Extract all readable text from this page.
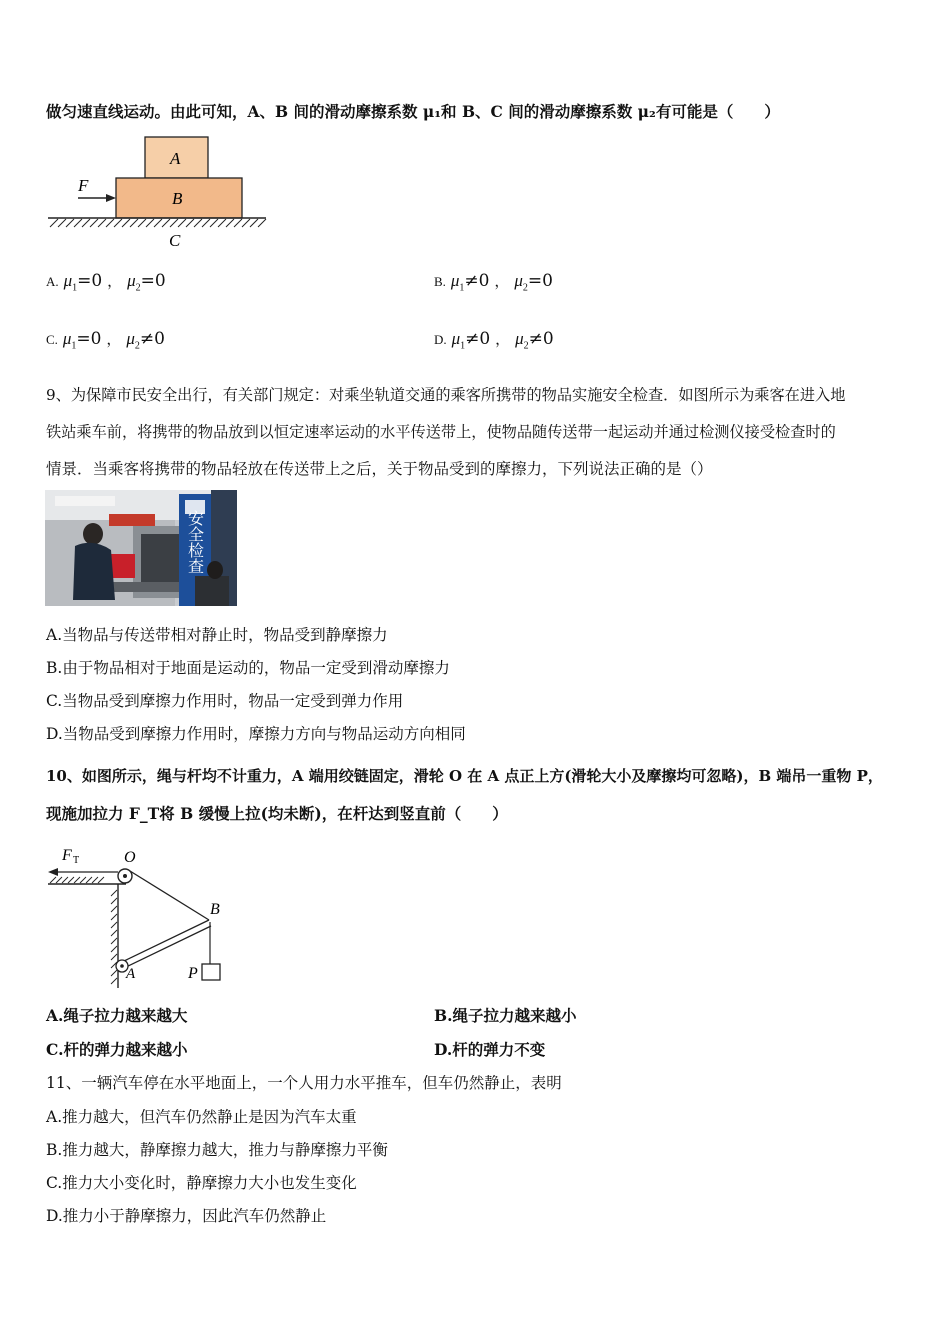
做匀速直线运动。由此可知，A、B 间的滑动摩擦系数 μ₁和 B、C 间的滑动摩擦系数 μ₂有可能是（　　）
A
B
F
C
A. $\mu_1=0$ ， $\mu_2=0$	B. $\mu_1\ne 0$ ， $\mu_2=0$
C. $\mu_1=0$ ， $\mu_2\ne 0$	D. $\mu_1\ne 0$ ， $\mu_2\ne 0$
9、为保障市民安全出行，有关部门规定：对乘坐轨道交通的乘客所携带的物品实施安全检查．如图所示为乘客在进入地
铁站乘车前，将携带的物品放到以恒定速率运动的水平传送带上，使物品随传送带一起运动并通过检测仪接受检查时的
情景．当乘客将携带的物品轻放在传送带上之后，关于物品受到的摩擦力，下列说法正确的是（）
安全检查
A.当物品与传送带相对静止时，物品受到静摩擦力
B.由于物品相对于地面是运动的，物品一定受到滑动摩擦力
C.当物品受到摩擦力作用时，物品一定受到弹力作用
D.当物品受到摩擦力作用时，摩擦力方向与物品运动方向相同
10、如图所示，绳与杆均不计重力，A 端用绞链固定，滑轮 O 在 A 点正上方(滑轮大小及摩擦均可忽略)，B 端吊一重物 P，
现施加拉力 F_T将 B 缓慢上拉(均未断)，在杆达到竖直前（　　）
F T	O
B
A	P
A.绳子拉力越来越大	B.绳子拉力越来越小
C.杆的弹力越来越小	D.杆的弹力不变
11、一辆汽车停在水平地面上，一个人用力水平推车，但车仍然静止，表明
A.推力越大，但汽车仍然静止是因为汽车太重
B.推力越大，静摩擦力越大，推力与静摩擦力平衡
C.推力大小变化时，静摩擦力大小也发生变化
D.推力小于静摩擦力，因此汽车仍然静止
